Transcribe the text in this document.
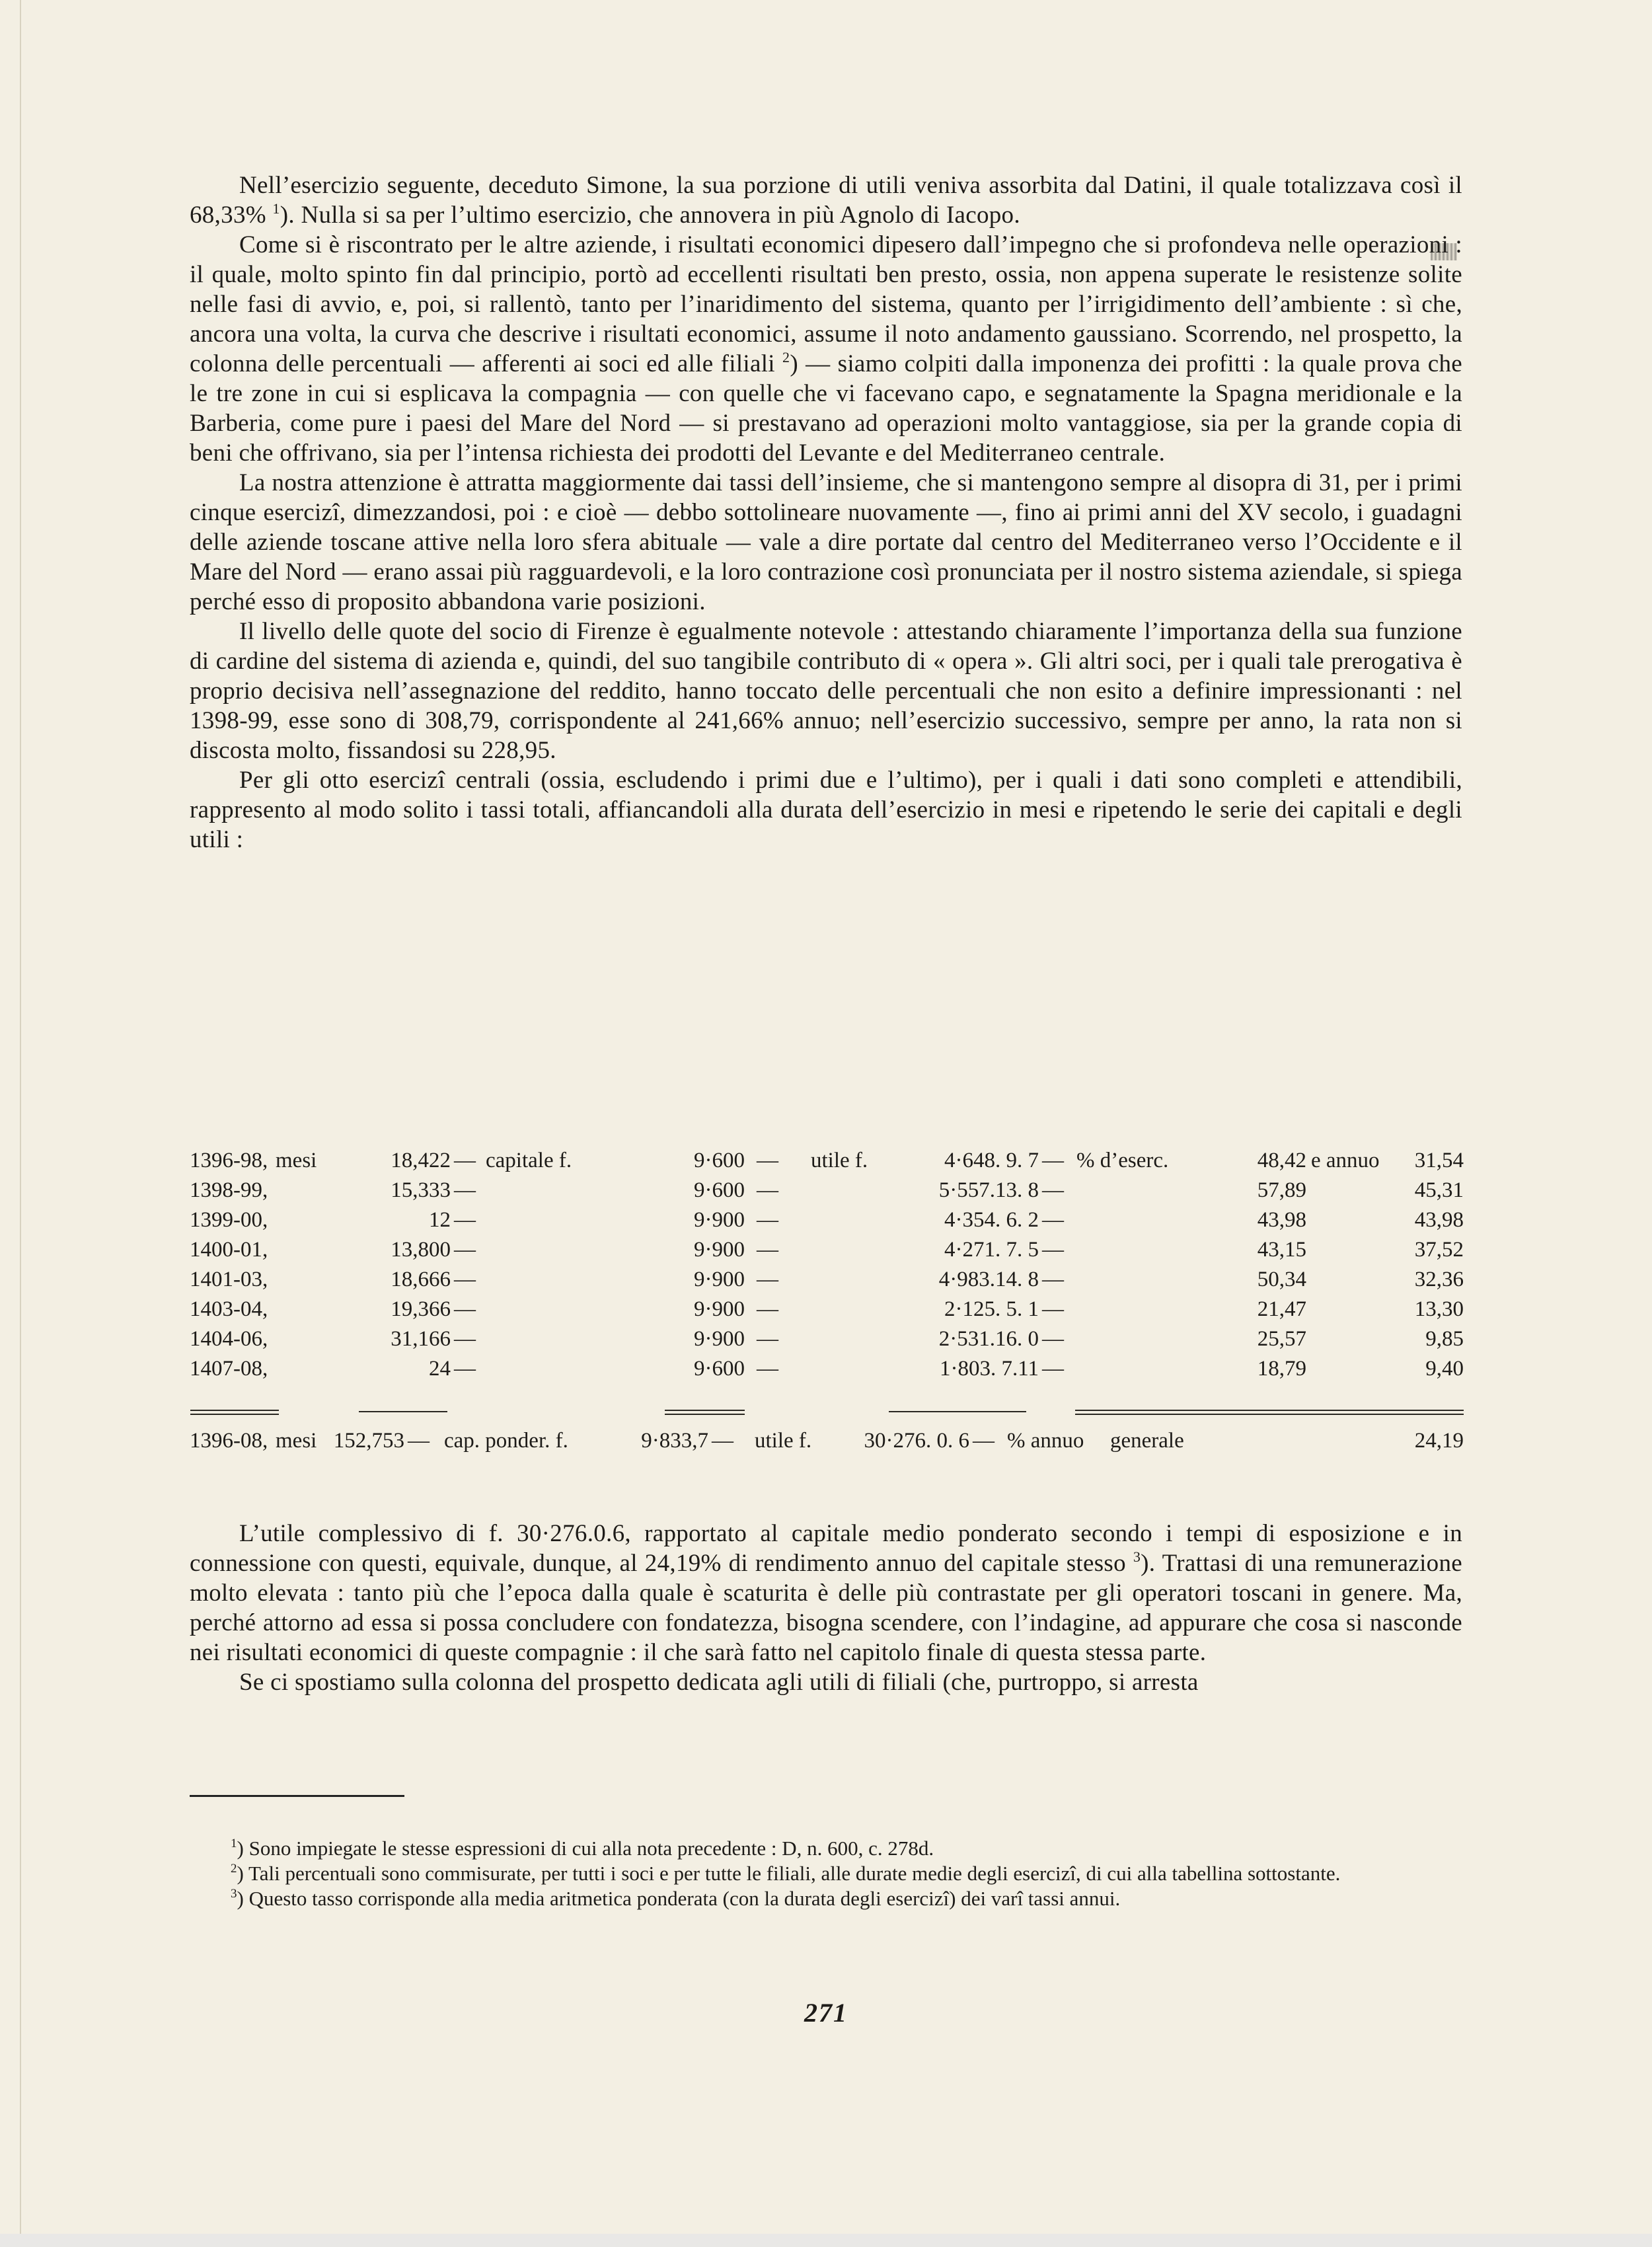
Nell’esercizio seguente, deceduto Simone, la sua porzione di utili veniva assorbita dal Datini, il quale totalizzava così il 68,33% $^1$). Nulla si sa per l’ultimo esercizio, che annovera in più Agnolo di Iacopo.

Come si è riscontrato per le altre aziende, i risultati economici dipesero dall’impegno che si profondeva nelle operazioni : il quale, molto spinto fin dal principio, portò ad eccellenti risultati ben presto, ossia, non appena superate le resistenze solite nelle fasi di avvio, e, poi, si rallentò, tanto per l’inaridimento del sistema, quanto per l’irrigidimento dell’ambiente : sì che, ancora una volta, la curva che descrive i risultati economici, assume il noto andamento gaussiano. Scorrendo, nel prospetto, la colonna delle percentuali — afferenti ai soci ed alle filiali $^2$) — siamo colpiti dalla imponenza dei profitti : la quale prova che le tre zone in cui si esplicava la compagnia — con quelle che vi facevano capo, e segnatamente la Spagna meridionale e la Barberia, come pure i paesi del Mare del Nord — si prestavano ad operazioni molto vantaggiose, sia per la grande copia di beni che offrivano, sia per l’intensa richiesta dei prodotti del Levante e del Mediterraneo centrale.

La nostra attenzione è attratta maggiormente dai tassi dell’insieme, che si mantengono sempre al disopra di 31, per i primi cinque esercizî, dimezzandosi, poi : e cioè — debbo sottolineare nuovamente —, fino ai primi anni del XV secolo, i guadagni delle aziende toscane attive nella loro sfera abituale — vale a dire portate dal centro del Mediterraneo verso l’Occidente e il Mare del Nord — erano assai più ragguardevoli, e la loro contrazione così pronunciata per il nostro sistema aziendale, si spiega perché esso di proposito abbandona varie posizioni.

Il livello delle quote del socio di Firenze è egualmente notevole : attestando chiaramente l’importanza della sua funzione di cardine del sistema di azienda e, quindi, del suo tangibile contributo di « opera ». Gli altri soci, per i quali tale prerogativa è proprio decisiva nell’assegnazione del reddito, hanno toccato delle percentuali che non esito a definire impressionanti : nel 1398-99, esse sono di 308,79, corrispondente al 241,66% annuo; nell’esercizio successivo, sempre per anno, la rata non si discosta molto, fissandosi su 228,95.

Per gli otto esercizî centrali (ossia, escludendo i primi due e l’ultimo), per i quali i dati sono completi e attendibili, rappresento al modo solito i tassi totali, affiancandoli alla durata dell’esercizio in mesi e ripetendo le serie dei capitali e degli utili :

1396-98, mesi	18,422 — capitale f.	9·600 — utile f.	4·648. 9. 7 — % d’eserc.	48,42 e annuo	31,54
1398-99,	15,333 —	9·600 —	5·557.13. 8 —	57,89	45,31
1399-00,	12 —	9·900 —	4·354. 6. 2 —	43,98	43,98
1400-01,	13,800 —	9·900 —	4·271. 7. 5 —	43,15	37,52
1401-03,	18,666 —	9·900 —	4·983.14. 8 —	50,34	32,36
1403-04,	19,366 —	9·900 —	2·125. 5. 1 —	21,47	13,30
1404-06,	31,166 —	9·900 —	2·531.16. 0 —	25,57	9,85
1407-08,	24 —	9·600 —	1·803. 7.11 —	18,79	9,40
1396-08, mesi 152,753 — cap. ponder. f.	9·833,7 — utile f.	30·276. 0. 6 — % annuo generale	24,19

L’utile complessivo di f. 30·276.0.6, rapportato al capitale medio ponderato secondo i tempi di esposizione e in connessione con questi, equivale, dunque, al 24,19% di rendimento annuo del capitale stesso $^3$). Trattasi di una remunerazione molto elevata : tanto più che l’epoca dalla quale è scaturita è delle più contrastate per gli operatori toscani in genere. Ma, perché attorno ad essa si possa concludere con fondatezza, bisogna scendere, con l’indagine, ad appurare che cosa si nasconde nei risultati economici di queste compagnie : il che sarà fatto nel capitolo finale di questa stessa parte.

Se ci spostiamo sulla colonna del prospetto dedicata agli utili di filiali (che, purtroppo, si arresta

$^1$) Sono impiegate le stesse espressioni di cui alla nota precedente : D, n. 600, c. 278d.

$^2$) Tali percentuali sono commisurate, per tutti i soci e per tutte le filiali, alle durate medie degli esercizî, di cui alla tabellina sottostante.

$^3$) Questo tasso corrisponde alla media aritmetica ponderata (con la durata degli esercizî) dei varî tassi annui.

271
